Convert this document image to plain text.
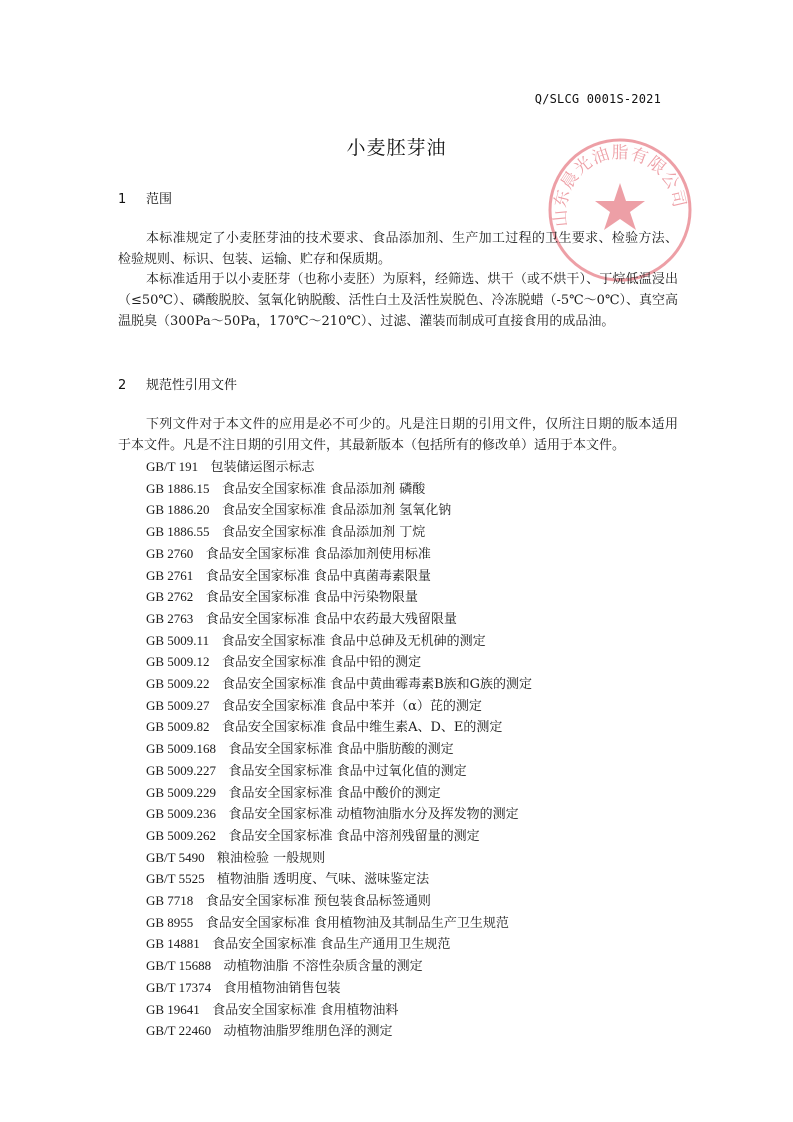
Q/SLCG 0001S-2021
小麦胚芽油
山东晨光油脂有限公司
1 范围

本标准规定了小麦胚芽油的技术要求、食品添加剂、生产加工过程的卫生要求、检验方法、检验规则、标识、包装、运输、贮存和保质期。

本标准适用于以小麦胚芽（也称小麦胚）为原料，经筛选、烘干（或不烘干）、丁烷低温浸出（≤50℃）、磷酸脱胶、氢氧化钠脱酸、活性白土及活性炭脱色、冷冻脱蜡（-5℃～0℃）、真空高温脱臭（300Pa～50Pa，170℃～210℃）、过滤、灌装而制成可直接食用的成品油。

2 规范性引用文件

下列文件对于本文件的应用是必不可少的。凡是注日期的引用文件，仅所注日期的版本适用于本文件。凡是不注日期的引用文件，其最新版本（包括所有的修改单）适用于本文件。

GB/T 191 包装储运图示标志
GB 1886.15 食品安全国家标准 食品添加剂 磷酸
GB 1886.20 食品安全国家标准 食品添加剂 氢氧化钠
GB 1886.55 食品安全国家标准 食品添加剂 丁烷
GB 2760 食品安全国家标准 食品添加剂使用标准
GB 2761 食品安全国家标准 食品中真菌毒素限量
GB 2762 食品安全国家标准 食品中污染物限量
GB 2763 食品安全国家标准 食品中农药最大残留限量
GB 5009.11 食品安全国家标准 食品中总砷及无机砷的测定
GB 5009.12 食品安全国家标准 食品中铅的测定
GB 5009.22 食品安全国家标准 食品中黄曲霉毒素B族和G族的测定
GB 5009.27 食品安全国家标准 食品中苯并（α）芘的测定
GB 5009.82 食品安全国家标准 食品中维生素A、D、E的测定
GB 5009.168 食品安全国家标准 食品中脂肪酸的测定
GB 5009.227 食品安全国家标准 食品中过氧化值的测定
GB 5009.229 食品安全国家标准 食品中酸价的测定
GB 5009.236 食品安全国家标准 动植物油脂水分及挥发物的测定
GB 5009.262 食品安全国家标准 食品中溶剂残留量的测定
GB/T 5490 粮油检验 一般规则
GB/T 5525 植物油脂 透明度、气味、滋味鉴定法
GB 7718 食品安全国家标准 预包装食品标签通则
GB 8955 食品安全国家标准 食用植物油及其制品生产卫生规范
GB 14881 食品安全国家标准 食品生产通用卫生规范
GB/T 15688 动植物油脂 不溶性杂质含量的测定
GB/T 17374 食用植物油销售包装
GB 19641 食品安全国家标准 食用植物油料
GB/T 22460 动植物油脂罗维朋色泽的测定
